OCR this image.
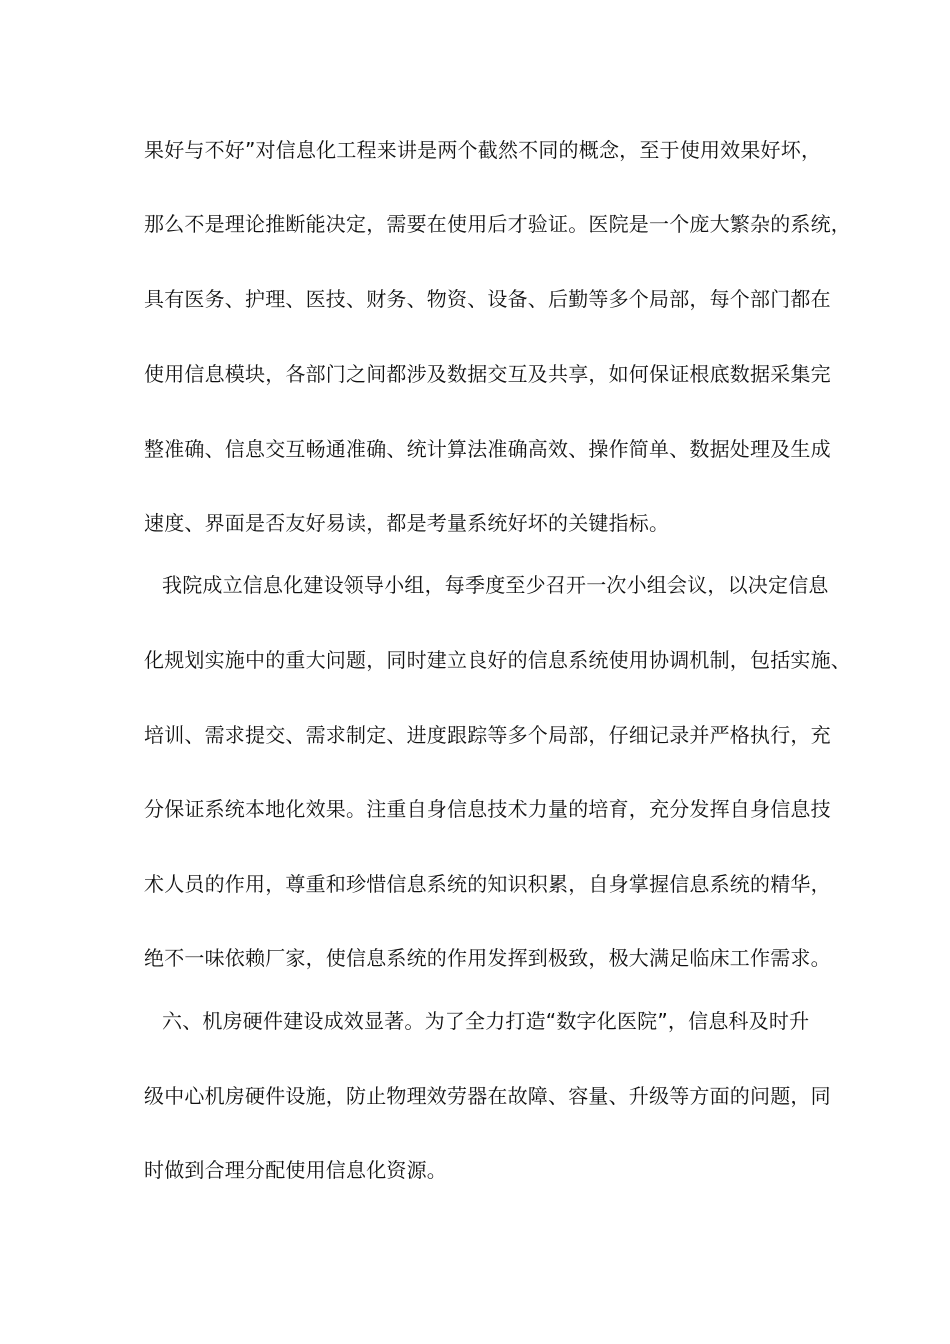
果好与不好”对信息化工程来讲是两个截然不同的概念，至于使用效果好坏，

那么不是理论推断能决定，需要在使用后才验证。医院是一个庞大繁杂的系统，

具有医务、护理、医技、财务、物资、设备、后勤等多个局部，每个部门都在

使用信息模块，各部门之间都涉及数据交互及共享，如何保证根底数据采集完

整准确、信息交互畅通准确、统计算法准确高效、操作简单、数据处理及生成

速度、界面是否友好易读，都是考量系统好坏的关键指标。

我院成立信息化建设领导小组，每季度至少召开一次小组会议，以决定信息

化规划实施中的重大问题，同时建立良好的信息系统使用协调机制，包括实施、

培训、需求提交、需求制定、进度跟踪等多个局部，仔细记录并严格执行，充

分保证系统本地化效果。注重自身信息技术力量的培育，充分发挥自身信息技

术人员的作用，尊重和珍惜信息系统的知识积累，自身掌握信息系统的精华，

绝不一味依赖厂家，使信息系统的作用发挥到极致，极大满足临床工作需求。

六、机房硬件建设成效显著。为了全力打造“数字化医院”，信息科及时升

级中心机房硬件设施，防止物理效劳器在故障、容量、升级等方面的问题，同

时做到合理分配使用信息化资源。
